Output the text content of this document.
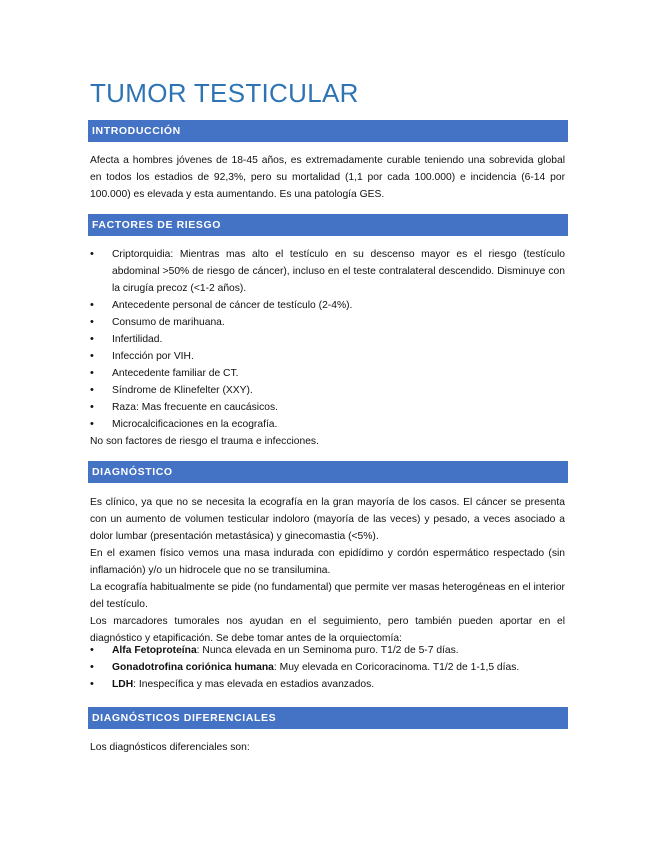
TUMOR TESTICULAR
INTRODUCCIÓN

Afecta a hombres jóvenes de 18-45 años, es extremadamente curable teniendo una sobrevida global en todos los estadios de 92,3%, pero su mortalidad (1,1 por cada 100.000) e incidencia (6-14 por 100.000) es elevada y esta aumentando. Es una patología GES.

FACTORES DE RIESGO
•	Criptorquidia: Mientras mas alto el testículo en su descenso mayor es el riesgo (testículo abdominal >50% de riesgo de cáncer), incluso en el teste contralateral descendido. Disminuye con la cirugía precoz (<1-2 años).
•	Antecedente personal de cáncer de testículo (2-4%).
•	Consumo de marihuana.
•	Infertilidad.
•	Infección por VIH.
•	Antecedente familiar de CT.
•	Síndrome de Klinefelter (XXY).
•	Raza: Mas frecuente en caucásicos.
•	Microcalcificaciones en la ecografía.
No son factores de riesgo el trauma e infecciones.
DIAGNÓSTICO

Es clínico, ya que no se necesita la ecografía en la gran mayoría de los casos. El cáncer se presenta con un aumento de volumen testicular indoloro (mayoría de las veces) y pesado, a veces asociado a dolor lumbar (presentación metastásica) y ginecomastia (<5%).

En el examen físico vemos una masa indurada con epidídimo y cordón espermático respectado (sin inflamación) y/o un hidrocele que no se transilumina.

La ecografía habitualmente se pide (no fundamental) que permite ver masas heterogéneas en el interior del testículo.

Los marcadores tumorales nos ayudan en el seguimiento, pero también pueden aportar en el diagnóstico y etapificación. Se debe tomar antes de la orquiectomía:

•	Alfa Fetoproteína: Nunca elevada en un Seminoma puro. T1/2 de 5-7 días.
•	Gonadotrofina coriónica humana: Muy elevada en Coricoracinoma. T1/2 de 1-1,5 días.
•	LDH: Inespecífica y mas elevada en estadios avanzados.
DIAGNÓSTICOS DIFERENCIALES
Los diagnósticos diferenciales son:
